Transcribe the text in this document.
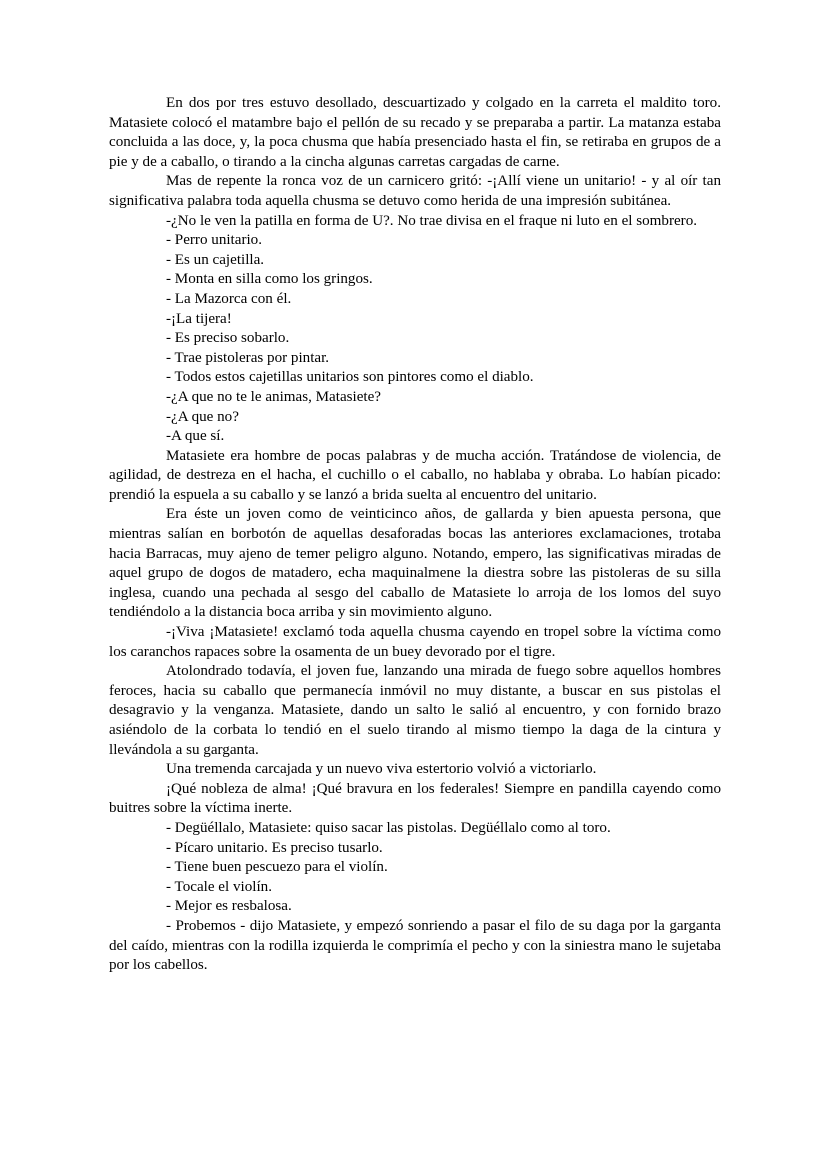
En dos por tres estuvo desollado, descuartizado y colgado en la carreta el maldito toro. Matasiete colocó el matambre bajo el pellón de su recado y se preparaba a partir. La matanza estaba concluida a las doce, y, la poca chusma que había presenciado hasta el fin, se retiraba en grupos de a pie y de a caballo, o tirando a la cincha algunas carretas cargadas de carne.

Mas de repente la ronca voz de un carnicero gritó: -¡Allí viene un unitario! - y al oír tan significativa palabra toda aquella chusma se detuvo como herida de una impresión subitánea.

-¿No le ven la patilla en forma de U?. No trae divisa en el fraque ni luto en el sombrero.

- Perro unitario.

- Es un cajetilla.

- Monta en silla como los gringos.

- La Mazorca con él.

-¡La tijera!

- Es preciso sobarlo.

- Trae pistoleras por pintar.

- Todos estos cajetillas unitarios son pintores como el diablo.

-¿A que no te le animas, Matasiete?

-¿A que no?

-A que sí.

Matasiete era hombre de pocas palabras y de mucha acción. Tratándose de violencia, de agilidad, de destreza en el hacha, el cuchillo o el caballo, no hablaba y obraba. Lo habían picado: prendió la espuela a su caballo y se lanzó a brida suelta al encuentro del unitario.

Era éste un joven como de veinticinco años, de gallarda y bien apuesta persona, que mientras salían en borbotón de aquellas desaforadas bocas las anteriores exclamaciones, trotaba hacia Barracas, muy ajeno de temer peligro alguno. Notando, empero, las significativas miradas de aquel grupo de dogos de matadero, echa maquinalmene la diestra sobre las pistoleras de su silla inglesa, cuando una pechada al sesgo del caballo de Matasiete lo arroja de los lomos del suyo tendiéndolo a la distancia boca arriba y sin movimiento alguno.

-¡Viva ¡Matasiete! exclamó toda aquella chusma cayendo en tropel sobre la víctima como los caranchos rapaces sobre la osamenta de un buey devorado por el tigre.

Atolondrado todavía, el joven fue, lanzando una mirada de fuego sobre aquellos hombres feroces, hacia su caballo que permanecía inmóvil no muy distante, a buscar en sus pistolas el desagravio y la venganza. Matasiete, dando un salto le salió al encuentro, y con fornido brazo asiéndolo de la corbata lo tendió en el suelo tirando al mismo tiempo la daga de la cintura y llevándola a su garganta.

Una tremenda carcajada y un nuevo viva estertorio volvió a victoriarlo.

¡Qué nobleza de alma! ¡Qué bravura en los federales! Siempre en pandilla cayendo como buitres sobre la víctima inerte.

- Degüéllalo, Matasiete: quiso sacar las pistolas. Degüéllalo como al toro.

- Pícaro unitario. Es preciso tusarlo.

- Tiene buen pescuezo para el violín.

- Tocale el violín.

- Mejor es resbalosa.

- Probemos - dijo Matasiete, y empezó sonriendo a pasar el filo de su daga por la garganta del caído, mientras con la rodilla izquierda le comprimía el pecho y con la siniestra mano le sujetaba por los cabellos.
